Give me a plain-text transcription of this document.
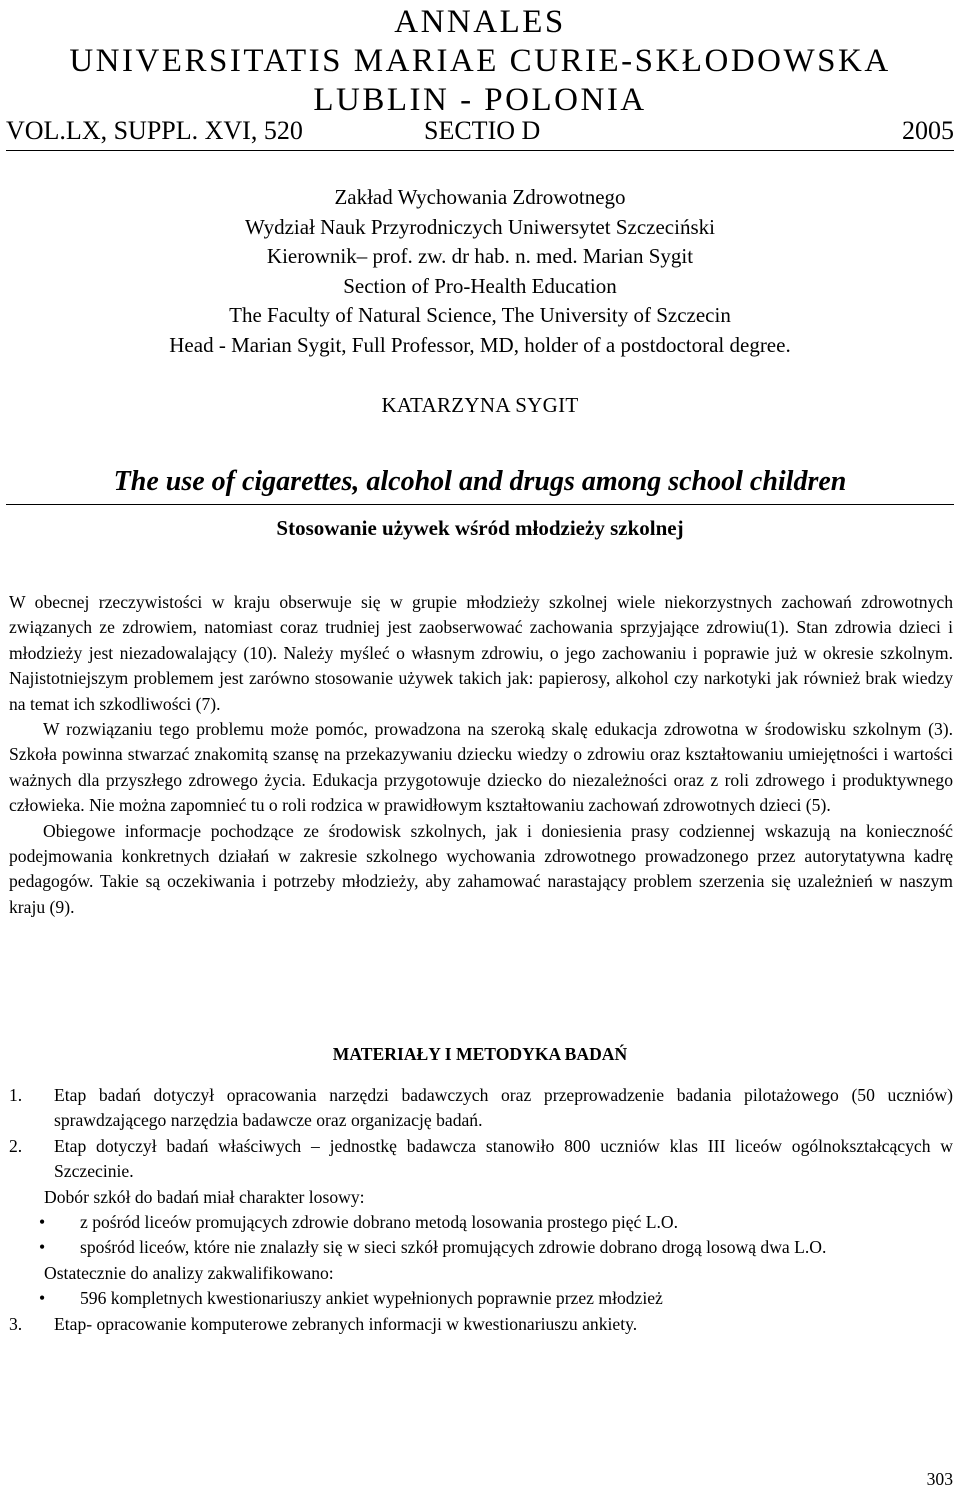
ANNALES
UNIVERSITATIS MARIAE CURIE-SKŁODOWSKA
LUBLIN - POLONIA
VOL.LX, SUPPL. XVI, 520	SECTIO D	2005
Zakład Wychowania Zdrowotnego
Wydział Nauk Przyrodniczych Uniwersytet Szczeciński
Kierownik– prof. zw. dr hab. n. med. Marian Sygit
Section of Pro-Health Education
The Faculty of Natural Science, The University of Szczecin
Head - Marian Sygit, Full Professor, MD, holder of a postdoctoral degree.
KATARZYNA SYGIT
The use of cigarettes, alcohol and drugs among school children
Stosowanie używek wśród młodzieży szkolnej

W obecnej rzeczywistości w kraju obserwuje się w grupie młodzieży szkolnej wiele niekorzystnych zachowań zdrowotnych związanych ze zdrowiem, natomiast coraz trudniej jest zaobserwować zachowania sprzyjające zdrowiu(1). Stan zdrowia dzieci i młodzieży jest niezadowalający (10). Należy myśleć o własnym zdrowiu, o jego zachowaniu i poprawie już w okresie szkolnym. Najistotniejszym problemem jest zarówno stosowanie używek takich jak: papierosy, alkohol czy narkotyki jak również brak wiedzy na temat ich szkodliwości (7).

W rozwiązaniu tego problemu może pomóc, prowadzona na szeroką skalę edukacja zdrowotna w środowisku szkolnym (3). Szkoła powinna stwarzać znakomitą szansę na przekazywaniu dziecku wiedzy o zdrowiu oraz kształtowaniu umiejętności i wartości ważnych dla przyszłego zdrowego życia. Edukacja przygotowuje dziecko do niezależności oraz z roli zdrowego i produktywnego człowieka. Nie można zapomnieć tu o roli rodzica w prawidłowym kształtowaniu zachowań zdrowotnych dzieci (5).

Obiegowe informacje pochodzące ze środowisk szkolnych, jak i doniesienia prasy codziennej wskazują na konieczność podejmowania konkretnych działań w zakresie szkolnego wychowania zdrowotnego prowadzonego przez autorytatywna kadrę pedagogów. Takie są oczekiwania i potrzeby młodzieży, aby zahamować narastający problem szerzenia się uzależnień w naszym kraju (9).

MATERIAŁY I METODYKA BADAŃ
1. Etap badań dotyczył opracowania narzędzi badawczych oraz przeprowadzenie badania pilotażowego (50 uczniów) sprawdzającego narzędzia badawcze oraz organizację badań.
2. Etap dotyczył badań właściwych – jednostkę badawcza stanowiło 800 uczniów klas III liceów ogólnokształcących w Szczecinie.
Dobór szkół do badań miał charakter losowy:
• z pośród liceów promujących zdrowie dobrano metodą losowania prostego pięć L.O.
• spośród liceów, które nie znalazły się w sieci szkół promujących zdrowie dobrano drogą losową dwa L.O.
Ostatecznie do analizy zakwalifikowano:
• 596 kompletnych kwestionariuszy ankiet wypełnionych poprawnie przez młodzież
3. Etap- opracowanie komputerowe zebranych informacji w kwestionariuszu ankiety.
303
